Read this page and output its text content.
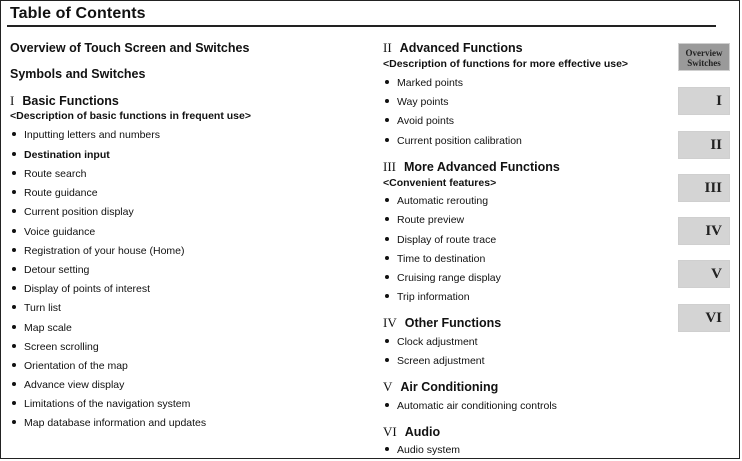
Table of Contents
Overview of Touch Screen and Switches
Symbols and Switches
I Basic Functions
<Description of basic functions in frequent use>
Inputting letters and numbers
Destination input
Route search
Route guidance
Current position display
Voice guidance
Registration of your house (Home)
Detour setting
Display of points of interest
Turn list
Map scale
Screen scrolling
Orientation of the map
Advance view display
Limitations of the navigation system
Map database information and updates
II Advanced Functions
<Description of functions for more effective use>
Marked points
Way points
Avoid points
Current position calibration
III More Advanced Functions
<Convenient features>
Automatic rerouting
Route preview
Display of route trace
Time to destination
Cruising range display
Trip information
IV Other Functions
Clock adjustment
Screen adjustment
V Air Conditioning
Automatic air conditioning controls
VI Audio
Audio system
Overview
Switches
I
II
III
IV
V
VI
